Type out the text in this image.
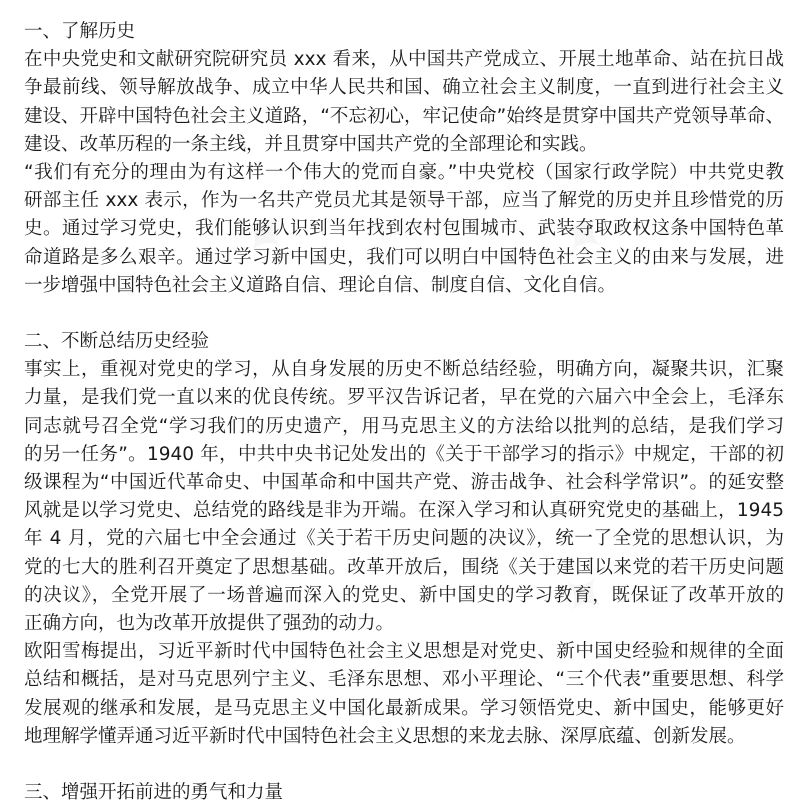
✦	✦
✦
一、了解历史
在中央党史和文献研究院研究员 xxx 看来，从中国共产党成立、开展土地革命、站在抗日战
争最前线、领导解放战争、成立中华人民共和国、确立社会主义制度，一直到进行社会主义
建设、开辟中国特色社会主义道路，“不忘初心，牢记使命”始终是贯穿中国共产党领导革命、
建设、改革历程的一条主线，并且贯穿中国共产党的全部理论和实践。
“我们有充分的理由为有这样一个伟大的党而自豪。”中央党校（国家行政学院）中共党史教
研部主任 xxx 表示，作为一名共产党员尤其是领导干部，应当了解党的历史并且珍惜党的历
史。通过学习党史，我们能够认识到当年找到农村包围城市、武装夺取政权这条中国特色革
命道路是多么艰辛。通过学习新中国史，我们可以明白中国特色社会主义的由来与发展，进
一步增强中国特色社会主义道路自信、理论自信、制度自信、文化自信。
二、不断总结历史经验
事实上，重视对党史的学习，从自身发展的历史不断总结经验，明确方向，凝聚共识，汇聚
力量，是我们党一直以来的优良传统。罗平汉告诉记者，早在党的六届六中全会上，毛泽东
同志就号召全党“学习我们的历史遗产，用马克思主义的方法给以批判的总结，是我们学习
的另一任务”。1940 年，中共中央书记处发出的《关于干部学习的指示》中规定，干部的初
级课程为“中国近代革命史、中国革命和中国共产党、游击战争、社会科学常识”。的延安整
风就是以学习党史、总结党的路线是非为开端。在深入学习和认真研究党史的基础上，1945
年 4 月，党的六届七中全会通过《关于若干历史问题的决议》，统一了全党的思想认识，为
党的七大的胜利召开奠定了思想基础。改革开放后，围绕《关于建国以来党的若干历史问题
的决议》，全党开展了一场普遍而深入的党史、新中国史的学习教育，既保证了改革开放的
正确方向，也为改革开放提供了强劲的动力。
欧阳雪梅提出，习近平新时代中国特色社会主义思想是对党史、新中国史经验和规律的全面
总结和概括，是对马克思列宁主义、毛泽东思想、邓小平理论、“三个代表”重要思想、科学
发展观的继承和发展，是马克思主义中国化最新成果。学习领悟党史、新中国史，能够更好
地理解学懂弄通习近平新时代中国特色社会主义思想的来龙去脉、深厚底蕴、创新发展。
三、增强开拓前进的勇气和力量
